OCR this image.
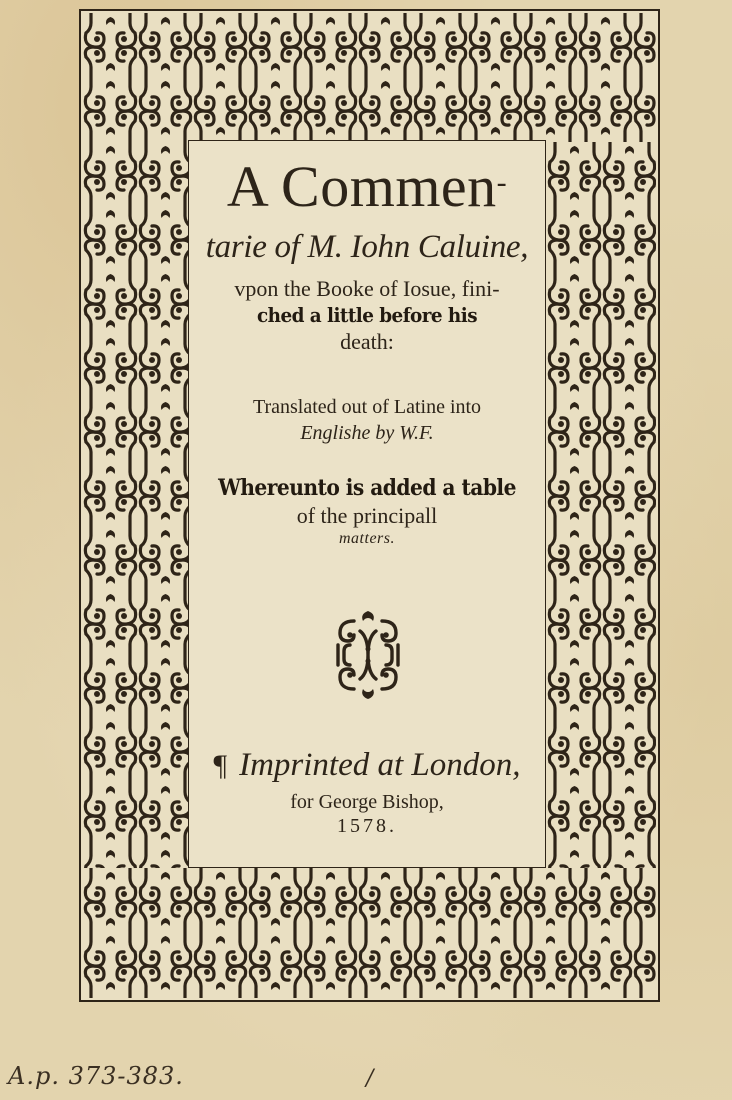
A Commen-
tarie of M. Iohn Caluine,
vpon the Booke of Iosue, fini-
ched a little before his
death:
Translated out of Latine into
Englishe by W.F.
Whereunto is added a table
of the principall
matters.
¶ Imprinted at London,
for George Bishop,
1578.
A.p. 373-383.	/
